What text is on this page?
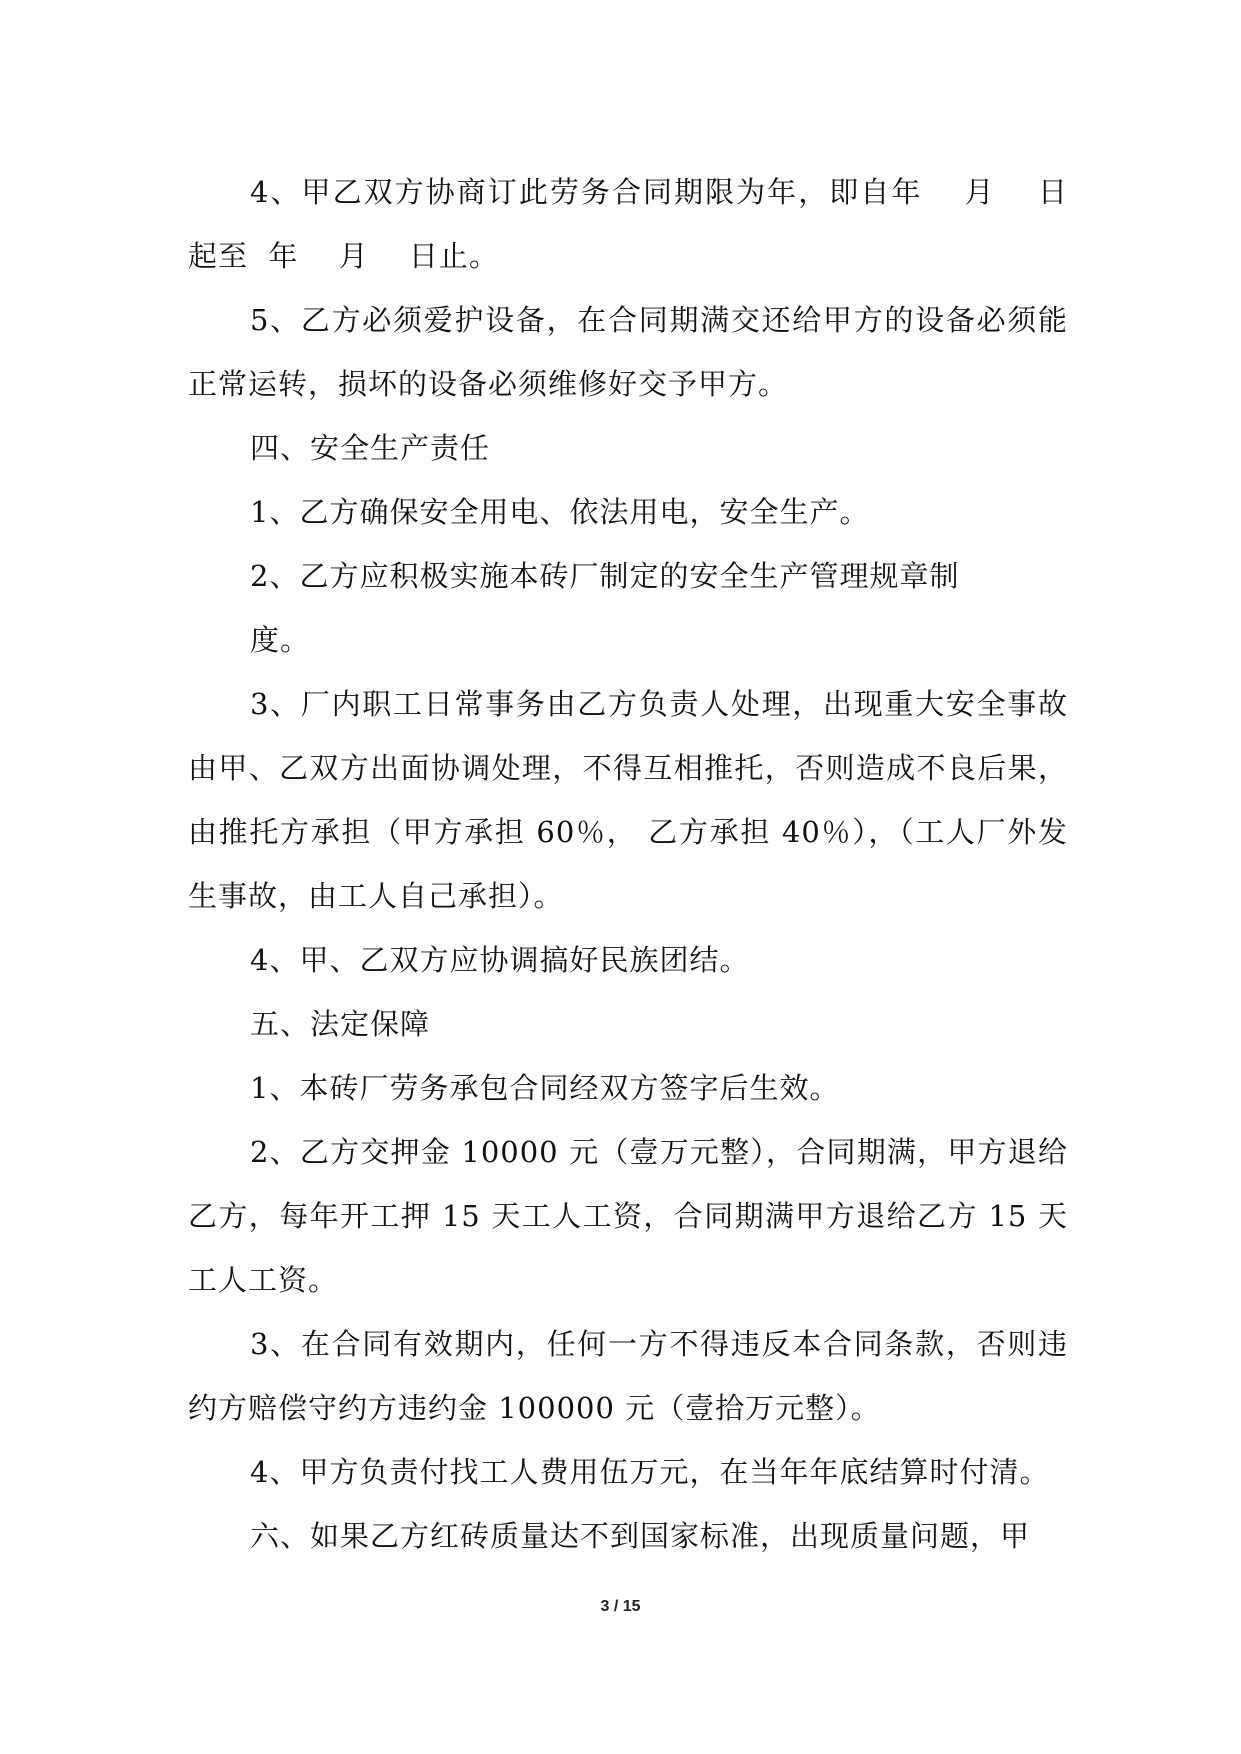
4、甲乙双方协商订此劳务合同期限为年，即自年　 月　 日起至  年　 月　 日止。

5、乙方必须爱护设备，在合同期满交还给甲方的设备必须能正常运转，损坏的设备必须维修好交予甲方。

四、安全生产责任

1、乙方确保安全用电、依法用电，安全生产。

2、乙方应积极实施本砖厂制定的安全生产管理规章制

度。

3、厂内职工日常事务由乙方负责人处理，出现重大安全事故由甲、乙双方出面协调处理，不得互相推托，否则造成不良后果，由推托方承担（甲方承担 60％， 乙方承担 40％），（工人厂外发生事故，由工人自己承担）。

4、甲、乙双方应协调搞好民族团结。

五、法定保障

1、本砖厂劳务承包合同经双方签字后生效。

2、乙方交押金 10000 元（壹万元整），合同期满，甲方退给乙方，每年开工押 15 天工人工资，合同期满甲方退给乙方 15 天工人工资。

3、在合同有效期内，任何一方不得违反本合同条款，否则违约方赔偿守约方违约金 100000 元（壹拾万元整）。

4、甲方负责付找工人费用伍万元，在当年年底结算时付清。

六、如果乙方红砖质量达不到国家标准，出现质量问题，甲

3 / 15
